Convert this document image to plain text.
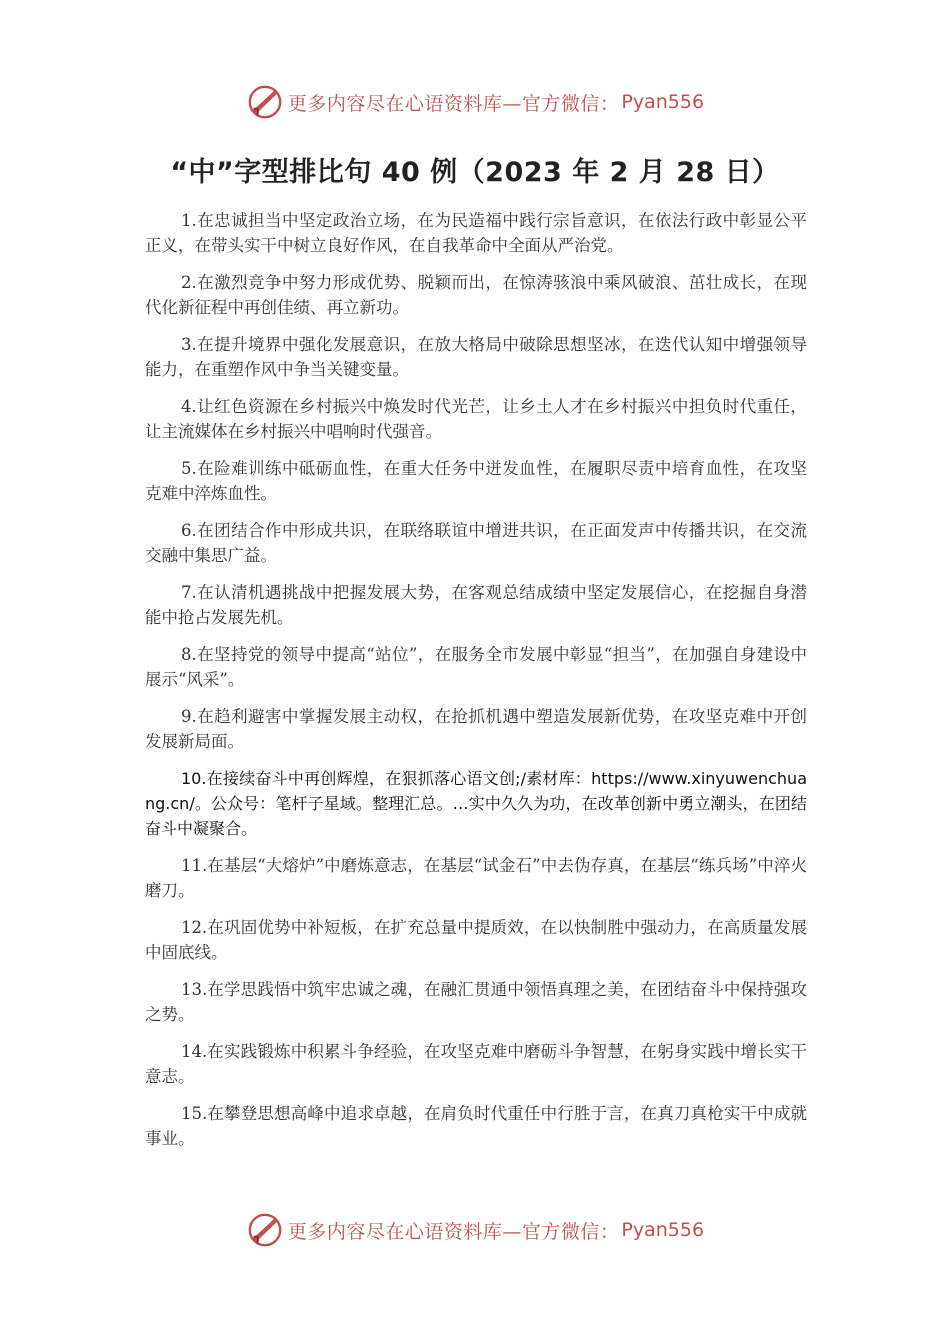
更多内容尽在心语资料库—官方微信： Pyan556
“中”字型排比句 40 例（2023 年 2 月 28 日）

1.在忠诚担当中坚定政治立场，在为民造福中践行宗旨意识，在依法行政中彰显公平正义，在带头实干中树立良好作风，在自我革命中全面从严治党。

2.在激烈竞争中努力形成优势、脱颖而出，在惊涛骇浪中乘风破浪、茁壮成长，在现代化新征程中再创佳绩、再立新功。

3.在提升境界中强化发展意识，在放大格局中破除思想坚冰，在迭代认知中增强领导能力，在重塑作风中争当关键变量。

4.让红色资源在乡村振兴中焕发时代光芒，让乡土人才在乡村振兴中担负时代重任，让主流媒体在乡村振兴中唱响时代强音。

5.在险难训练中砥砺血性，在重大任务中迸发血性，在履职尽责中培育血性，在攻坚克难中淬炼血性。

6.在团结合作中形成共识，在联络联谊中增进共识，在正面发声中传播共识，在交流交融中集思广益。

7.在认清机遇挑战中把握发展大势，在客观总结成绩中坚定发展信心，在挖掘自身潜能中抢占发展先机。

8.在坚持党的领导中提高“站位”，在服务全市发展中彰显“担当”，在加强自身建设中展示“风采”。

9.在趋利避害中掌握发展主动权，在抢抓机遇中塑造发展新优势，在攻坚克难中开创发展新局面。

10.在接续奋斗中再创辉煌，在狠抓落心语文创;/素材库：https://www.xinyuwenchuang.cn/。公众号：笔杆子星域。整理汇总。…实中久久为功，在改革创新中勇立潮头，在团结奋斗中凝聚合。

11.在基层“大熔炉”中磨炼意志，在基层“试金石”中去伪存真，在基层“练兵场”中淬火磨刀。

12.在巩固优势中补短板，在扩充总量中提质效，在以快制胜中强动力，在高质量发展中固底线。

13.在学思践悟中筑牢忠诚之魂，在融汇贯通中领悟真理之美，在团结奋斗中保持强攻之势。

14.在实践锻炼中积累斗争经验，在攻坚克难中磨砺斗争智慧，在躬身实践中增长实干意志。

15.在攀登思想高峰中追求卓越，在肩负时代重任中行胜于言，在真刀真枪实干中成就事业。

更多内容尽在心语资料库—官方微信： Pyan556
